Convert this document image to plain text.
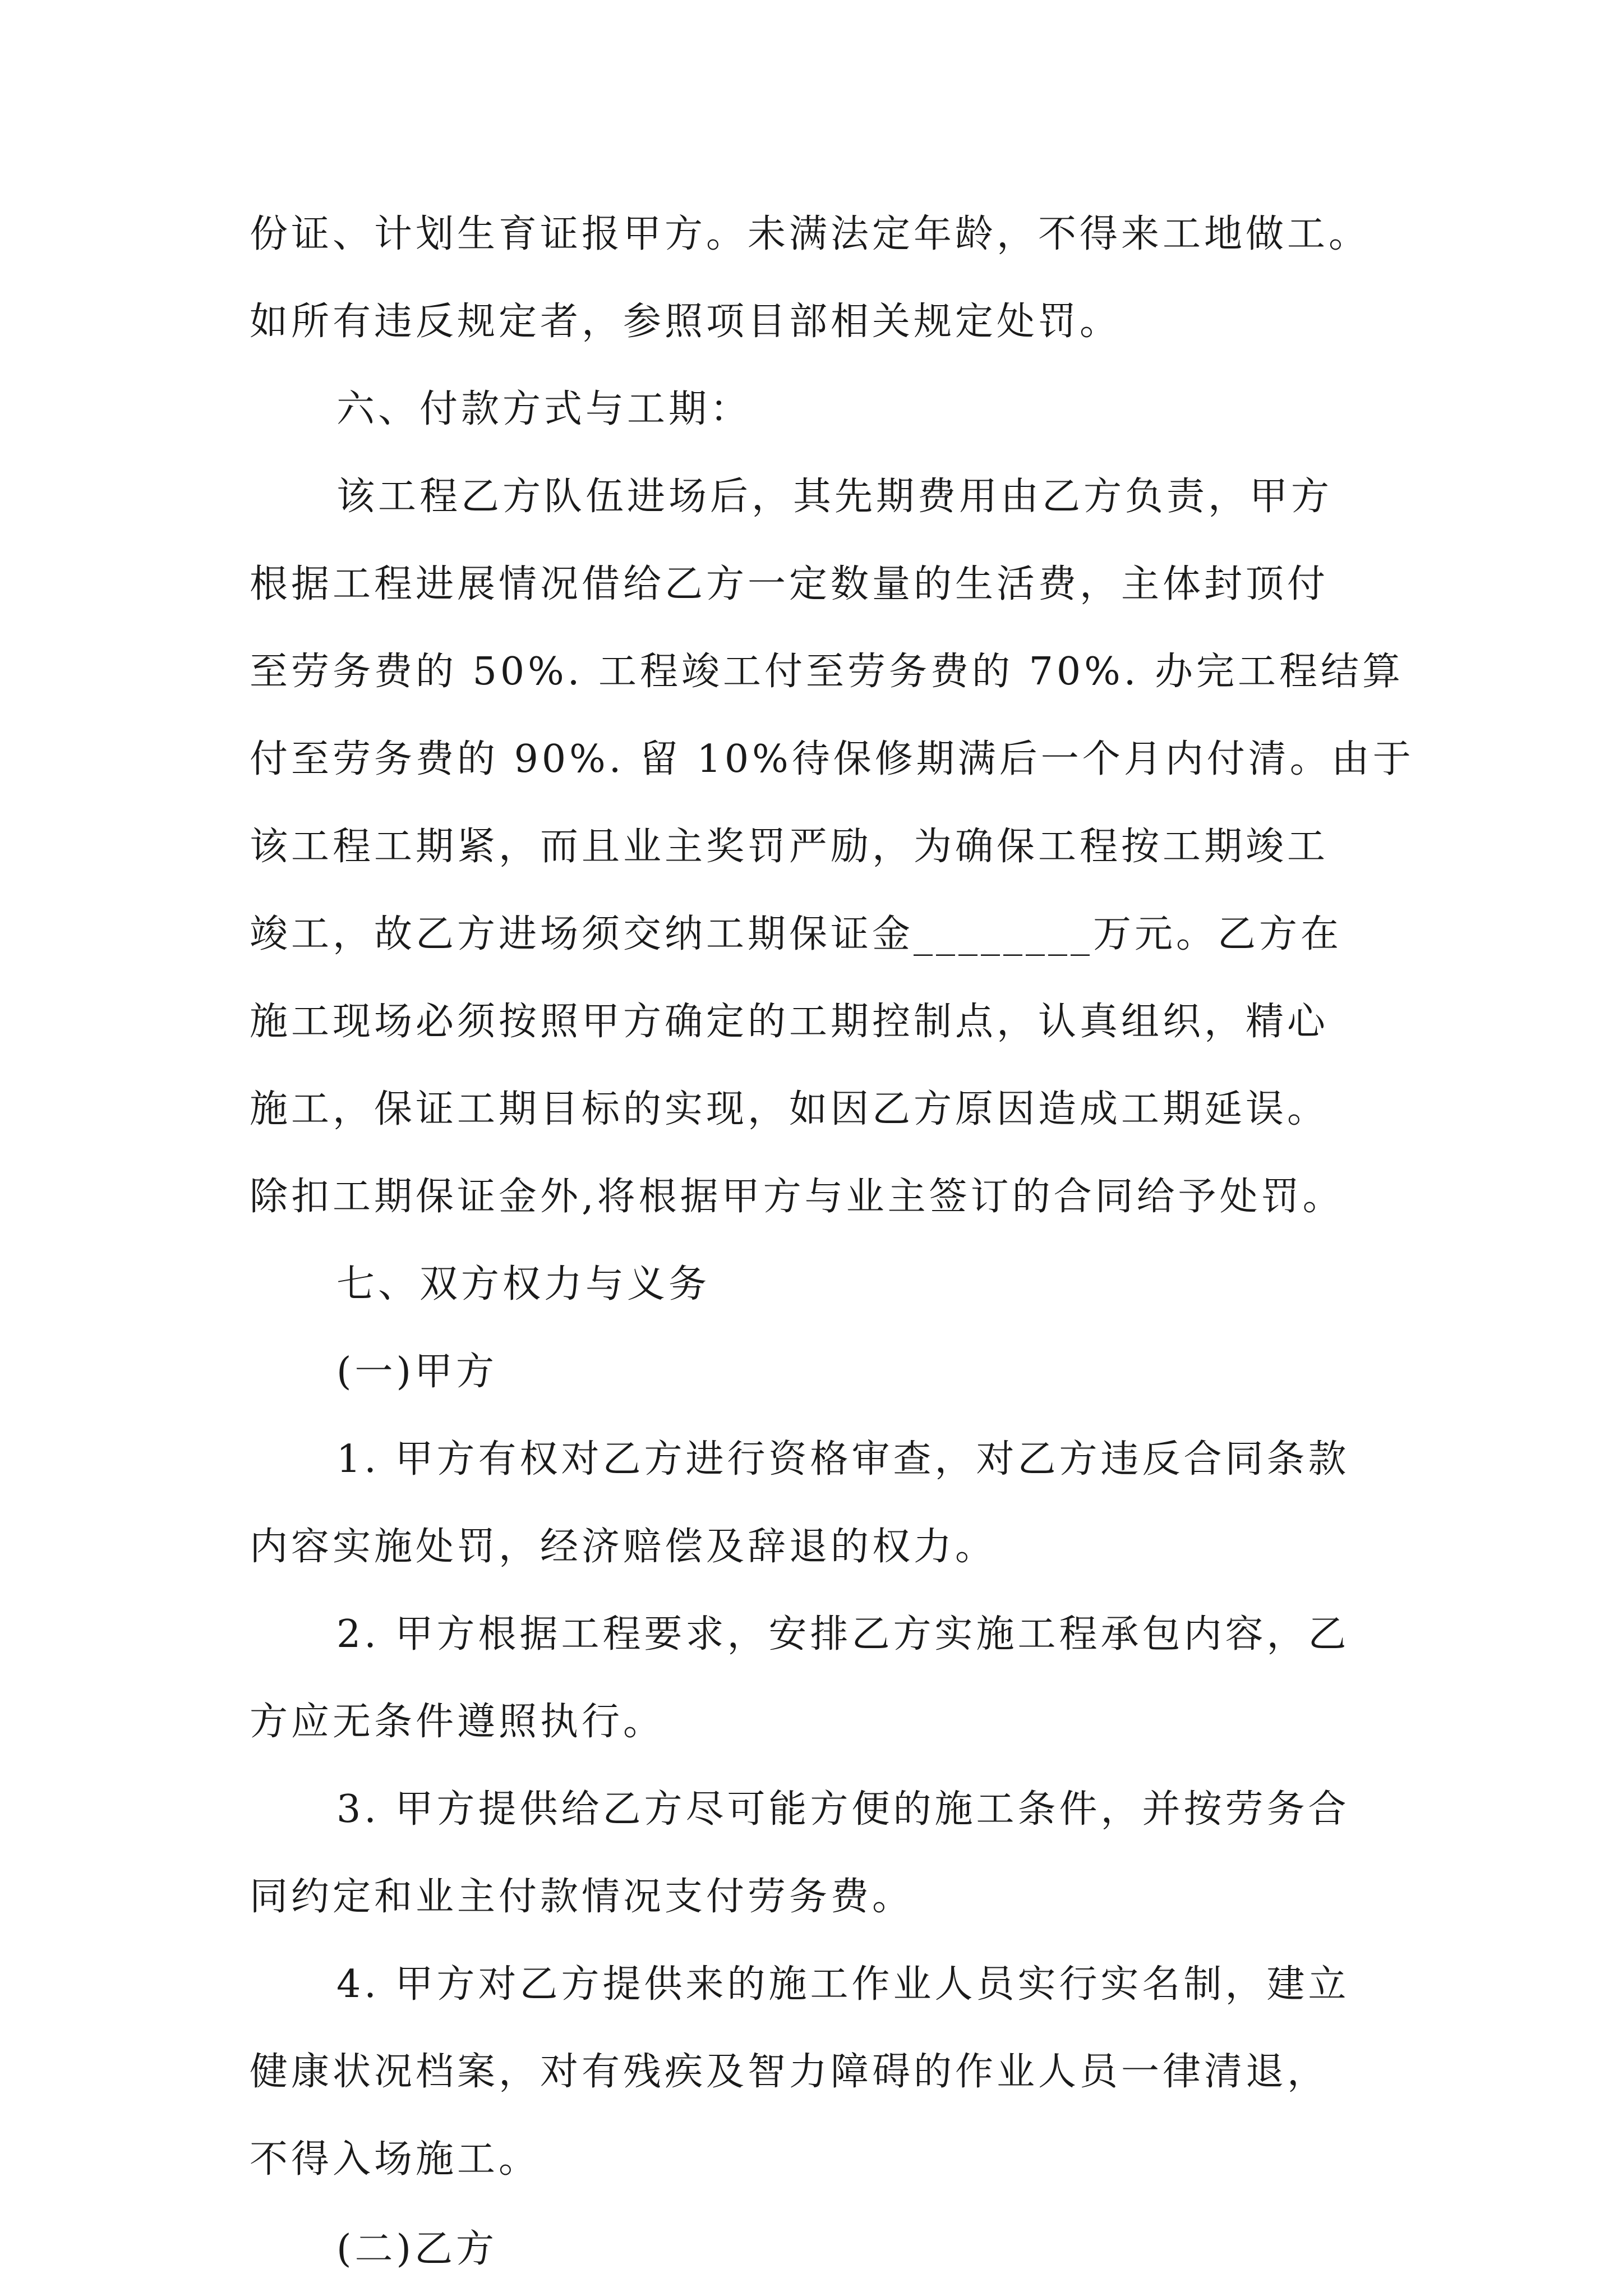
份证、计划生育证报甲方。未满法定年龄，不得来工地做工。
如所有违反规定者，参照项目部相关规定处罚。
六、付款方式与工期：
该工程乙方队伍进场后，其先期费用由乙方负责，甲方
根据工程进展情况借给乙方一定数量的生活费，主体封顶付
至劳务费的 50%. 工程竣工付至劳务费的 70%. 办完工程结算
付至劳务费的 90%. 留 10%待保修期满后一个月内付清。由于
该工程工期紧，而且业主奖罚严励，为确保工程按工期竣工
竣工，故乙方进场须交纳工期保证金________万元。乙方在
施工现场必须按照甲方确定的工期控制点，认真组织，精心
施工，保证工期目标的实现，如因乙方原因造成工期延误。
除扣工期保证金外,将根据甲方与业主签订的合同给予处罚。
七、双方权力与义务
(一)甲方
1. 甲方有权对乙方进行资格审查，对乙方违反合同条款
内容实施处罚，经济赔偿及辞退的权力。
2. 甲方根据工程要求，安排乙方实施工程承包内容，乙
方应无条件遵照执行。
3. 甲方提供给乙方尽可能方便的施工条件，并按劳务合
同约定和业主付款情况支付劳务费。
4. 甲方对乙方提供来的施工作业人员实行实名制，建立
健康状况档案，对有残疾及智力障碍的作业人员一律清退，
不得入场施工。
(二)乙方
